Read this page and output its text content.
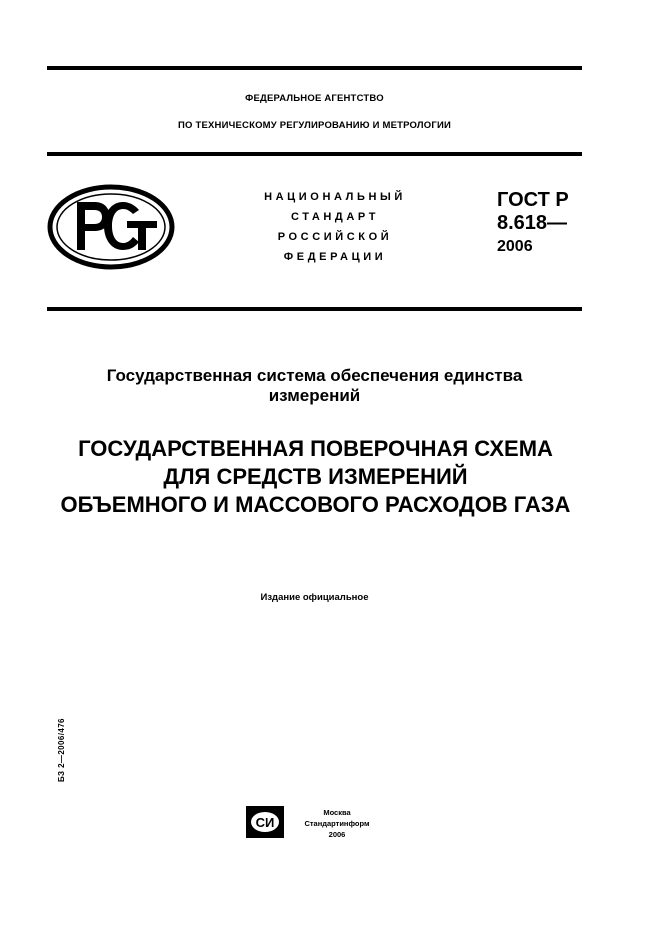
ФЕДЕРАЛЬНОЕ АГЕНТСТВО
ПО ТЕХНИЧЕСКОМУ РЕГУЛИРОВАНИЮ И МЕТРОЛОГИИ
НАЦИОНАЛЬНЫЙ
СТАНДАРТ
РОССИЙСКОЙ
ФЕДЕРАЦИИ
ГОСТ Р
8.618—
2006
Государственная система обеспечения единства
измерений
ГОСУДАРСТВЕННАЯ ПОВЕРОЧНАЯ СХЕМА
ДЛЯ СРЕДСТВ ИЗМЕРЕНИЙ
ОБЪЕМНОГО И МАССОВОГО РАСХОДОВ ГАЗА
Издание официальное
БЗ 2—2006/476
СИ
Москва
Стандартинформ
2006
